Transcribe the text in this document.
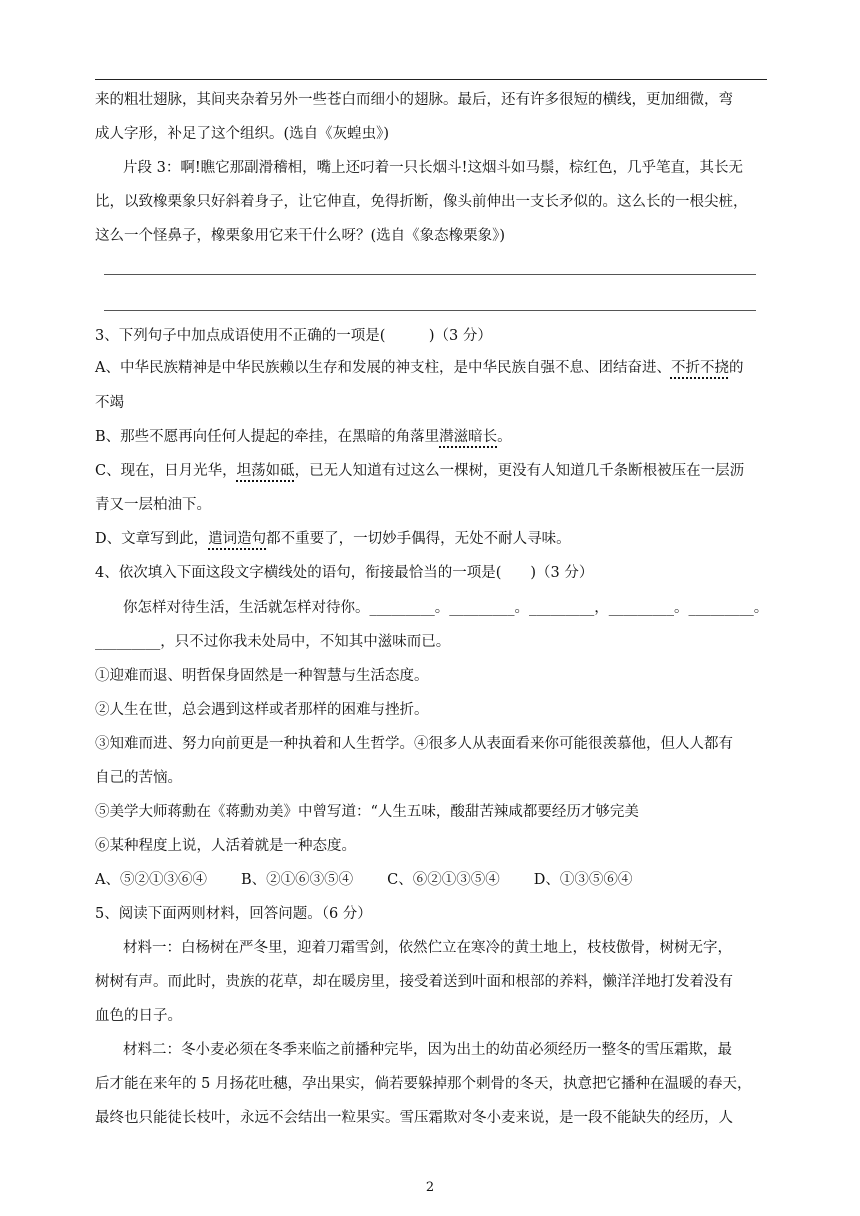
来的粗壮翅脉，其间夹杂着另外一些苍白而细小的翅脉。最后，还有许多很短的横线，更加细微，弯
成人字形，补足了这个组织。(选自《灰蝗虫》)
片段 3：啊!瞧它那副滑稽相，嘴上还叼着一只长烟斗!这烟斗如马鬃，棕红色，几乎笔直，其长无
比，以致橡栗象只好斜着身子，让它伸直，免得折断，像头前伸出一支长矛似的。这么长的一根尖桩，
这么一个怪鼻子，橡栗象用它来干什么呀？(选自《象态橡栗象》)
3、下列句子中加点成语使用不正确的一项是(　　　)（3 分）
A、中华民族精神是中华民族赖以生存和发展的神支柱，是中华民族自强不息、团结奋进、不折不挠的
不竭
B、那些不愿再向任何人提起的牵挂，在黑暗的角落里潜滋暗长。
C、现在，日月光华，坦荡如砥，已无人知道有过这么一棵树，更没有人知道几千条断根被压在一层沥
青又一层柏油下。
D、文章写到此，遣词造句都不重要了，一切妙手偶得，无处不耐人寻味。
4、依次填入下面这段文字横线处的语句，衔接最恰当的一项是(　　)（3 分）
你怎样对待生活，生活就怎样对待你。_________。_________。_________，_________。_________。
_________，只不过你我未处局中，不知其中滋味而已。
①迎难而退、明哲保身固然是一种智慧与生活态度。
②人生在世，总会遇到这样或者那样的困难与挫折。
③知难而进、努力向前更是一种执着和人生哲学。④很多人从表面看来你可能很羡慕他，但人人都有
自己的苦恼。
⑤美学大师蒋勳在《蒋勳劝美》中曾写道：“人生五味，酸甜苦辣咸都要经历才够完美
⑥某种程度上说，人活着就是一种态度。
A、⑤②①③⑥④ B、②①⑥③⑤④ C、⑥②①③⑤④ D、①③⑤⑥④
5、阅读下面两则材料，回答问题。（6 分）
材料一：白杨树在严冬里，迎着刀霜雪剑，依然伫立在寒冷的黄土地上，枝枝傲骨，树树无字，
树树有声。而此时，贵族的花草，却在暖房里，接受着送到叶面和根部的养料，懒洋洋地打发着没有
血色的日子。
材料二：冬小麦必须在冬季来临之前播种完毕，因为出土的幼苗必须经历一整冬的雪压霜欺，最
后才能在来年的 5 月扬花吐穗，孕出果实，倘若要躲掉那个刺骨的冬天，执意把它播种在温暖的春天，
最终也只能徒长枝叶，永远不会结出一粒果实。雪压霜欺对冬小麦来说，是一段不能缺失的经历，人
2
